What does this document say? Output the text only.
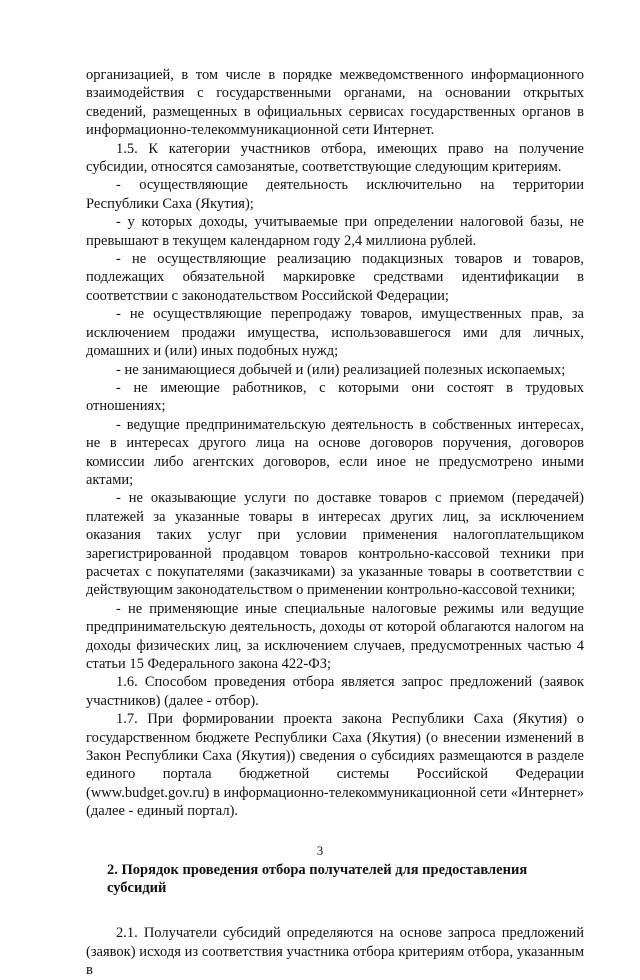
организацией, в том числе в порядке межведомственного информационного взаимодействия с государственными органами, на основании открытых сведений, размещенных в официальных сервисах государственных органов в информационно-телекоммуникационной сети Интернет.

1.5. К категории участников отбора, имеющих право на получение субсидии, относятся самозанятые, соответствующие следующим критериям.

- осуществляющие деятельность исключительно на территории Республики Саха (Якутия);

- у которых доходы, учитываемые при определении налоговой базы, не превышают в текущем календарном году 2,4 миллиона рублей.

- не осуществляющие реализацию подакцизных товаров и товаров, подлежащих обязательной маркировке средствами идентификации в соответствии с законодательством Российской Федерации;

- не осуществляющие перепродажу товаров, имущественных прав, за исключением продажи имущества, использовавшегося ими для личных, домашних и (или) иных подобных нужд;

- не занимающиеся добычей и (или) реализацией полезных ископаемых;

- не имеющие работников, с которыми они состоят в трудовых отношениях;

- ведущие предпринимательскую деятельность в собственных интересах, не в интересах другого лица на основе договоров поручения, договоров комиссии либо агентских договоров, если иное не предусмотрено иными актами;

- не оказывающие услуги по доставке товаров с приемом (передачей) платежей за указанные товары в интересах других лиц, за исключением оказания таких услуг при условии применения налогоплательщиком зарегистрированной продавцом товаров контрольно-кассовой техники при расчетах с покупателями (заказчиками) за указанные товары в соответствии с действующим законодательством о применении контрольно-кассовой техники;

- не применяющие иные специальные налоговые режимы или ведущие предпринимательскую деятельность, доходы от которой облагаются налогом на доходы физических лиц, за исключением случаев, предусмотренных частью 4 статьи 15 Федерального закона 422-ФЗ;

1.6. Способом проведения отбора является запрос предложений (заявок участников) (далее - отбор).

1.7. При формировании проекта закона Республики Саха (Якутия) о государственном бюджете Республики Саха (Якутия) (о внесении изменений в Закон Республики Саха (Якутия)) сведения о субсидиях размещаются в разделе единого портала бюджетной системы Российской Федерации (www.budget.gov.ru) в информационно-телекоммуникационной сети «Интернет» (далее - единый портал).

2. Порядок проведения отбора получателей для предоставления субсидий

2.1. Получатели субсидий определяются на основе запроса предложений (заявок) исходя из соответствия участника отбора критериям отбора, указанным в

3
